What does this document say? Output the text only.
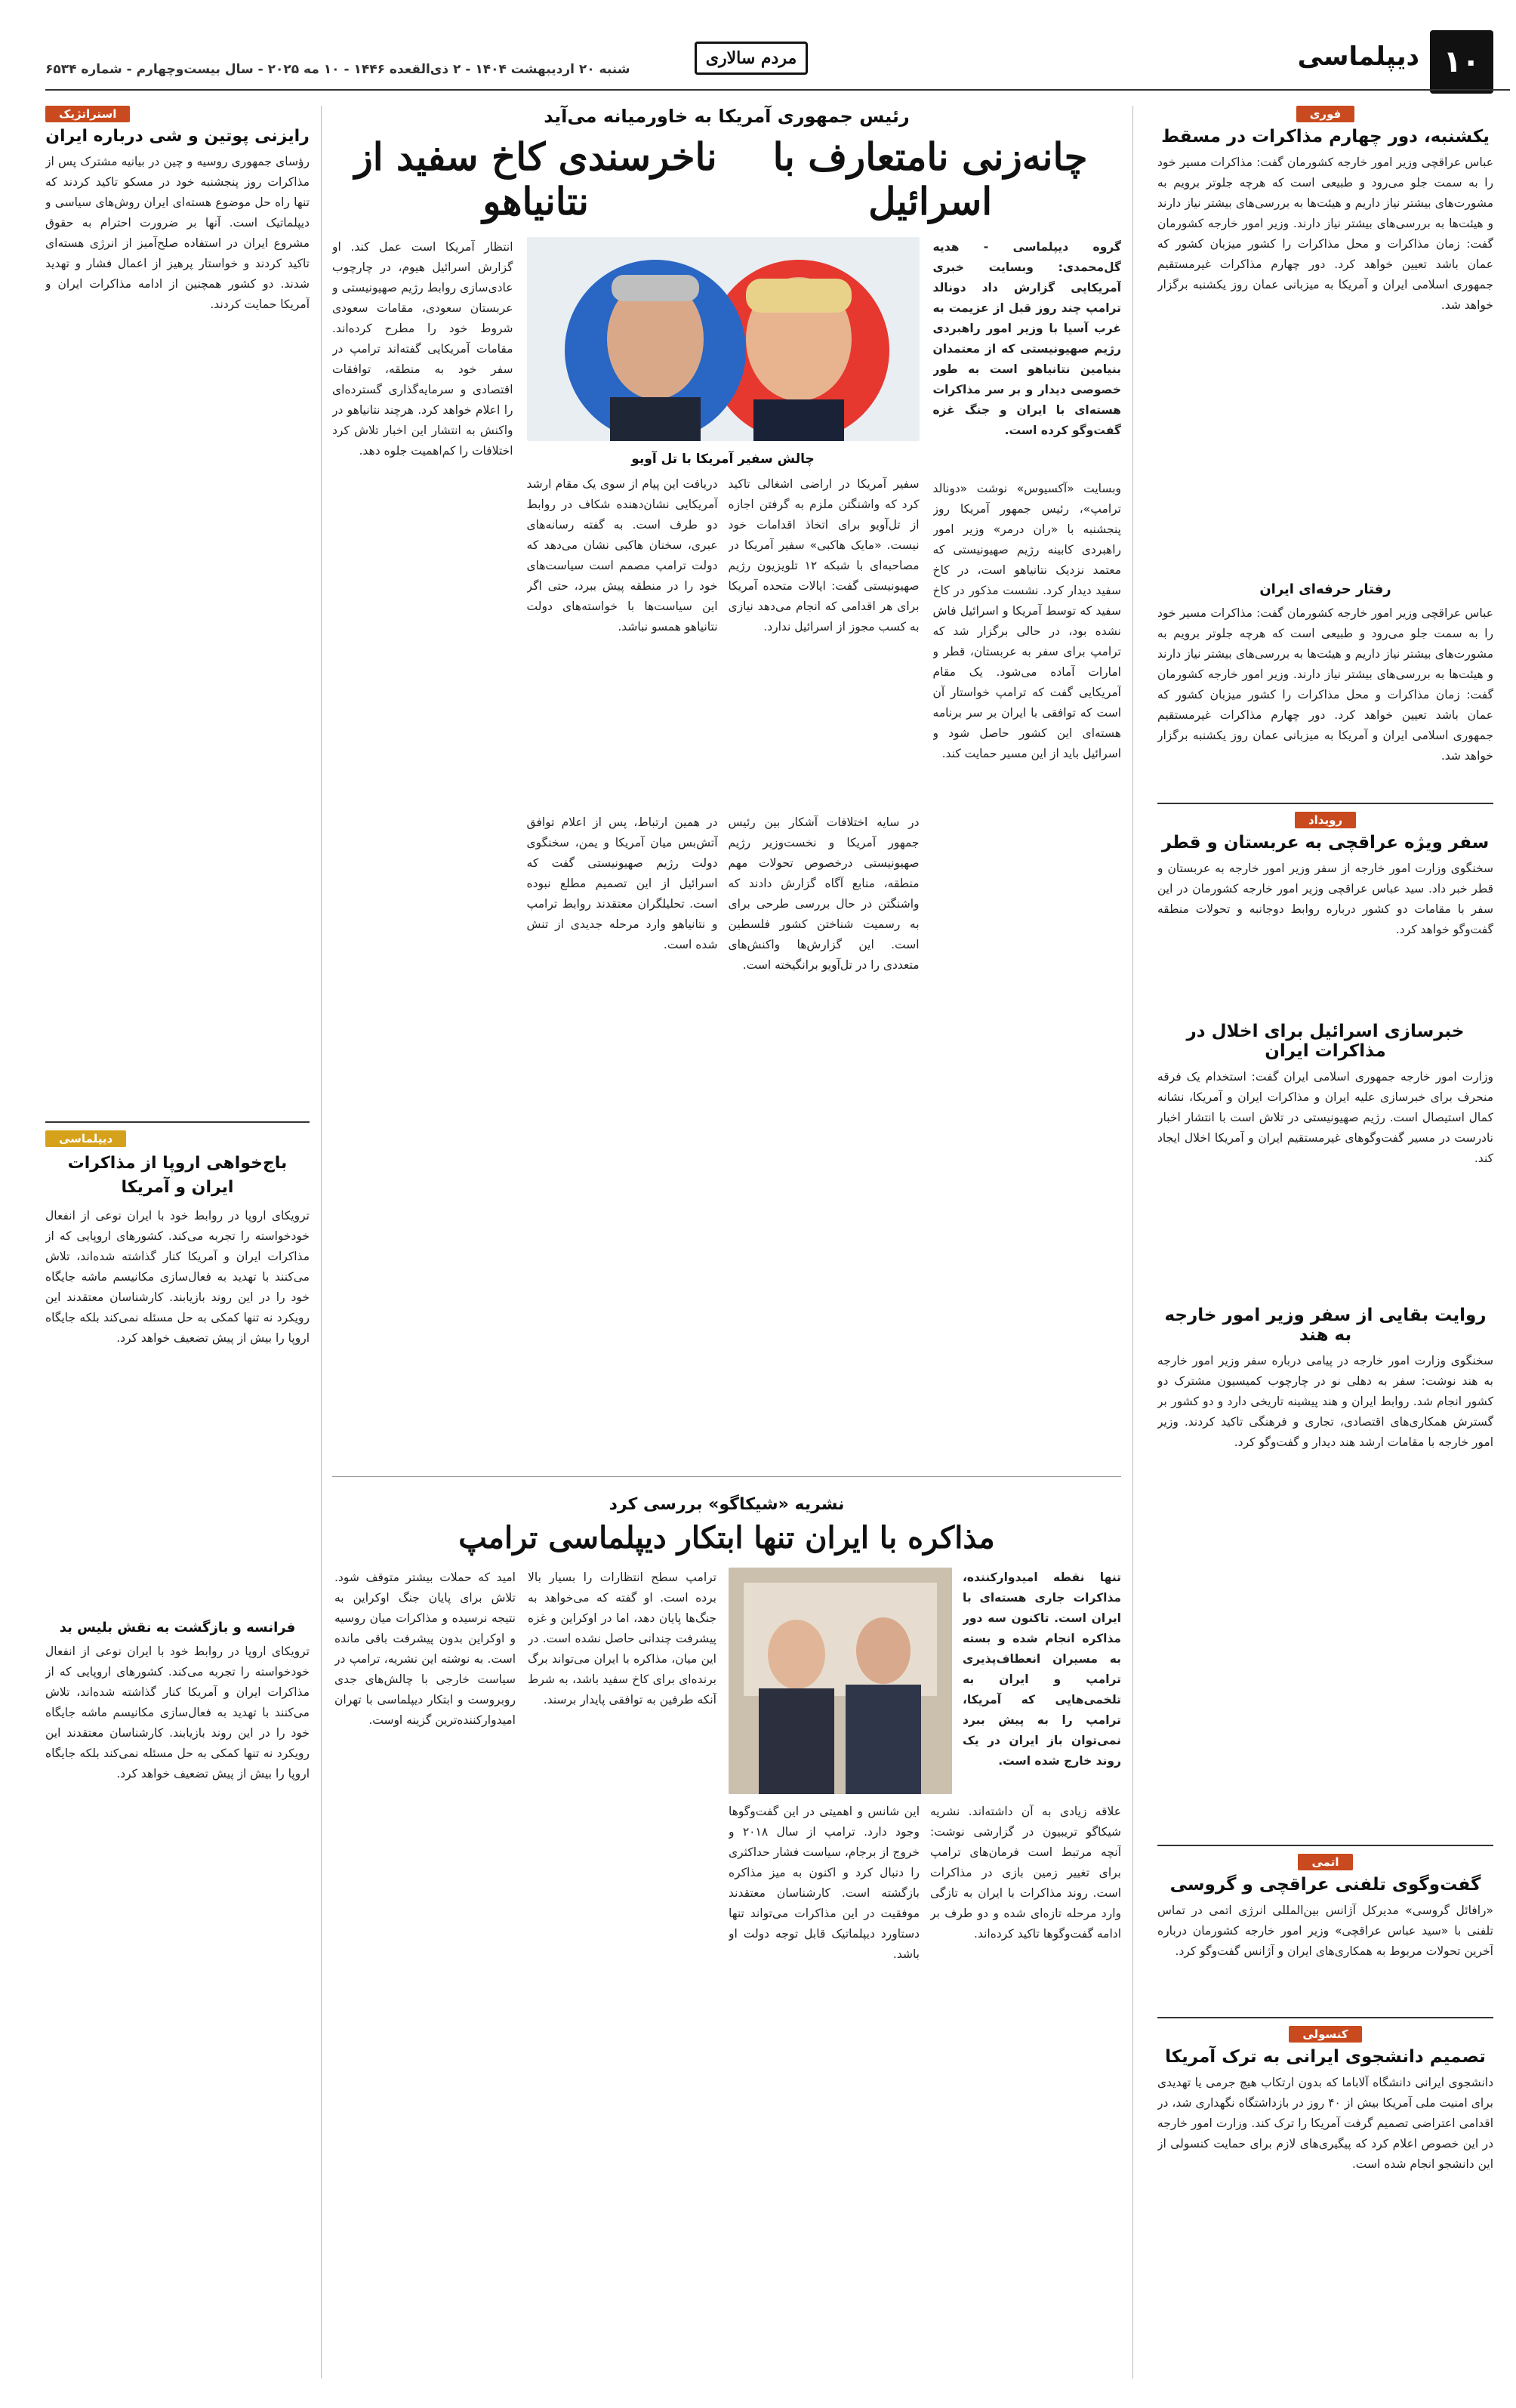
۱۰
دیپلماسی
مردم سالاری
شنبه ۲۰ اردیبهشت ۱۴۰۴ - ۲ ذی‌القعده ۱۴۴۶ - ۱۰ مه ۲۰۲۵ - سال بیست‌وچهارم - شماره ۶۵۳۴
فوری
یکشنبه، دور چهارم مذاکرات در مسقط
عباس عراقچی وزیر امور خارجه کشورمان گفت: مذاکرات مسیر خود را به سمت جلو می‌رود و طبیعی است که هرچه جلوتر برویم به مشورت‌های بیشتر نیاز داریم و هیئت‌ها به بررسی‌های بیشتر نیاز دارند و هیئت‌ها به بررسی‌های بیشتر نیاز دارند. وزیر امور خارجه کشورمان گفت: زمان مذاکرات و محل مذاکرات را کشور میزبان کشور که عمان باشد تعیین خواهد کرد. دور چهارم مذاکرات غیرمستقیم جمهوری اسلامی ایران و آمریکا به میزبانی عمان روز یکشنبه برگزار خواهد شد.
رفتار حرفه‌ای ایران
عباس عراقچی وزیر امور خارجه کشورمان گفت: مذاکرات مسیر خود را به سمت جلو می‌رود و طبیعی است که هرچه جلوتر برویم به مشورت‌های بیشتر نیاز داریم و هیئت‌ها به بررسی‌های بیشتر نیاز دارند و هیئت‌ها به بررسی‌های بیشتر نیاز دارند. وزیر امور خارجه کشورمان گفت: زمان مذاکرات و محل مذاکرات را کشور میزبان کشور که عمان باشد تعیین خواهد کرد. دور چهارم مذاکرات غیرمستقیم جمهوری اسلامی ایران و آمریکا به میزبانی عمان روز یکشنبه برگزار خواهد شد.
رویداد
سفر ویژه عراقچی به عربستان و قطر
سخنگوی وزارت امور خارجه از سفر وزیر امور خارجه به عربستان و قطر خبر داد. سید عباس عراقچی وزیر امور خارجه کشورمان در این سفر با مقامات دو کشور درباره روابط دوجانبه و تحولات منطقه گفت‌وگو خواهد کرد.
خبرسازی اسرائیل برای اخلال در مذاکرات ایران
وزارت امور خارجه جمهوری اسلامی ایران گفت: استخدام یک فرقه منحرف برای خبرسازی علیه ایران و مذاکرات ایران و آمریکا، نشانه کمال استیصال است. رژیم صهیونیستی در تلاش است با انتشار اخبار نادرست در مسیر گفت‌وگوهای غیرمستقیم ایران و آمریکا اخلال ایجاد کند.
روایت بقایی از سفر وزیر امور خارجه به هند
سخنگوی وزارت امور خارجه در پیامی درباره سفر وزیر امور خارجه به هند نوشت: سفر به دهلی نو در چارچوب کمیسیون مشترک دو کشور انجام شد. روابط ایران و هند پیشینه تاریخی دارد و دو کشور بر گسترش همکاری‌های اقتصادی، تجاری و فرهنگی تاکید کردند. وزیر امور خارجه با مقامات ارشد هند دیدار و گفت‌وگو کرد.
اتمی
گفت‌وگوی تلفنی عراقچی و گروسی
«رافائل گروسی» مدیرکل آژانس بین‌المللی انرژی اتمی در تماس تلفنی با «سید عباس عراقچی» وزیر امور خارجه کشورمان درباره آخرین تحولات مربوط به همکاری‌های ایران و آژانس گفت‌وگو کرد.
کنسولی
تصمیم دانشجوی ایرانی به ترک آمریکا
دانشجوی ایرانی دانشگاه آلاباما که بدون ارتکاب هیچ جرمی یا تهدیدی برای امنیت ملی آمریکا بیش از ۴۰ روز در بازداشتگاه نگهداری شد، در اقدامی اعتراضی تصمیم گرفت آمریکا را ترک کند. وزارت امور خارجه در این خصوص اعلام کرد که پیگیری‌های لازم برای حمایت کنسولی از این دانشجو انجام شده است.
رئیس جمهوری آمریکا به خاورمیانه می‌آید
چانه‌زنی نامتعارف با اسرائیل
ناخرسندی کاخ سفید از نتانیاهو
گروه دیپلماسی - هدیه گل‌محمدی: وبسایت خبری آمریکایی گزارش داد دونالد ترامپ چند روز قبل از عزیمت به غرب آسیا با وزیر امور راهبردی رژیم صهیونیستی که از معتمدان بنیامین نتانیاهو است به طور خصوصی دیدار و بر سر مذاکرات هسته‌ای با ایران و جنگ غزه گفت‌وگو کرده است.
وبسایت «آکسیوس» نوشت «دونالد ترامپ»، رئیس جمهور آمریکا روز پنجشنبه با «ران درمر» وزیر امور راهبردی کابینه رژیم صهیونیستی که معتمد نزدیک نتانیاهو است، در کاخ سفید دیدار کرد. نشست مذکور در کاخ سفید که توسط آمریکا و اسرائیل فاش نشده بود، در حالی برگزار شد که ترامپ برای سفر به عربستان، قطر و امارات آماده می‌شود. یک مقام آمریکایی گفت که ترامپ خواستار آن است که توافقی با ایران بر سر برنامه هسته‌ای این کشور حاصل شود و اسرائیل باید از این مسیر حمایت کند.
چالش سفیر آمریکا با تل آویو
سفیر آمریکا در اراضی اشغالی تاکید کرد که واشنگتن ملزم به گرفتن اجازه از تل‌آویو برای اتخاذ اقدامات خود نیست. «مایک هاکبی» سفیر آمریکا در مصاحبه‌ای با شبکه ۱۲ تلویزیون رژیم صهیونیستی گفت: ایالات متحده آمریکا برای هر اقدامی که انجام می‌دهد نیازی به کسب مجوز از اسرائیل ندارد.
دریافت این پیام از سوی یک مقام ارشد آمریکایی نشان‌دهنده شکاف در روابط دو طرف است. به گفته رسانه‌های عبری، سخنان هاکبی نشان می‌دهد که دولت ترامپ مصمم است سیاست‌های خود را در منطقه پیش ببرد، حتی اگر این سیاست‌ها با خواسته‌های دولت نتانیاهو همسو نباشد.
در سایه اختلافات آشکار بین رئیس جمهور آمریکا و نخست‌وزیر رژیم صهیونیستی درخصوص تحولات مهم منطقه، منابع آگاه گزارش دادند که واشنگتن در حال بررسی طرحی برای به رسمیت شناختن کشور فلسطین است. این گزارش‌ها واکنش‌های متعددی را در تل‌آویو برانگیخته است.
در همین ارتباط، پس از اعلام توافق آتش‌بس میان آمریکا و یمن، سخنگوی دولت رژیم صهیونیستی گفت که اسرائیل از این تصمیم مطلع نبوده است. تحلیلگران معتقدند روابط ترامپ و نتانیاهو وارد مرحله جدیدی از تنش شده است.
انتظار آمریکا است عمل کند. او گزارش اسرائیل هیوم، در چارچوب عادی‌سازی روابط رژیم صهیونیستی و عربستان سعودی، مقامات سعودی شروط خود را مطرح کرده‌اند. مقامات آمریکایی گفته‌اند ترامپ در سفر خود به منطقه، توافقات اقتصادی و سرمایه‌گذاری گسترده‌ای را اعلام خواهد کرد. هرچند نتانیاهو در واکنش به انتشار این اخبار تلاش کرد اختلافات را کم‌اهمیت جلوه دهد.
نشریه «شیکاگو» بررسی کرد
مذاکره با ایران تنها ابتکار دیپلماسی ترامپ
تنها نقطه امیدوارکننده، مذاکرات جاری هسته‌ای با ایران است. تاکنون سه دور مذاکره انجام شده و بسته به مسیران انعطاف‌پذیری ترامپ و ایران به تلخمی‌هایی که آمریکا، ترامپ را به پیش ببرد نمی‌توان باز ایران در یک روند خارج شده است.
علاقه زیادی به آن داشته‌اند. نشریه شیکاگو تریبیون در گزارشی نوشت: آنچه مرتبط است فرمان‌های ترامپ برای تغییر زمین بازی در مذاکرات است. روند مذاکرات با ایران به تازگی وارد مرحله تازه‌ای شده و دو طرف بر ادامه گفت‌وگوها تاکید کرده‌اند.
این شانس و اهمیتی در این گفت‌وگوها وجود دارد. ترامپ از سال ۲۰۱۸ و خروج از برجام، سیاست فشار حداکثری را دنبال کرد و اکنون به میز مذاکره بازگشته است. کارشناسان معتقدند موفقیت در این مذاکرات می‌تواند تنها دستاورد دیپلماتیک قابل توجه دولت او باشد.
ترامپ سطح انتظارات را بسیار بالا برده است. او گفته که می‌خواهد به جنگ‌ها پایان دهد، اما در اوکراین و غزه پیشرفت چندانی حاصل نشده است. در این میان، مذاکره با ایران می‌تواند برگ برنده‌ای برای کاخ سفید باشد، به شرط آنکه طرفین به توافقی پایدار برسند.
امید که حملات بیشتر متوقف شود. تلاش برای پایان جنگ اوکراین به نتیجه نرسیده و مذاکرات میان روسیه و اوکراین بدون پیشرفت باقی مانده است. به نوشته این نشریه، ترامپ در سیاست خارجی با چالش‌های جدی روبروست و ابتکار دیپلماسی با تهران امیدوارکننده‌ترین گزینه اوست.
استراتژیک
رایزنی پوتین و شی درباره ایران
رؤسای جمهوری روسیه و چین در بیانیه مشترک پس از مذاکرات روز پنجشنبه خود در مسکو تاکید کردند که تنها راه حل موضوع هسته‌ای ایران روش‌های سیاسی و دیپلماتیک است. آنها بر ضرورت احترام به حقوق مشروع ایران در استفاده صلح‌آمیز از انرژی هسته‌ای تاکید کردند و خواستار پرهیز از اعمال فشار و تهدید شدند. دو کشور همچنین از ادامه مذاکرات ایران و آمریکا حمایت کردند.
دیپلماسی
باج‌خواهی اروپا از مذاکرات ایران و آمریکا
ترویکای اروپا در روابط خود با ایران نوعی از انفعال خودخواسته را تجربه می‌کند. کشورهای اروپایی که از مذاکرات ایران و آمریکا کنار گذاشته شده‌اند، تلاش می‌کنند با تهدید به فعال‌سازی مکانیسم ماشه جایگاه خود را در این روند بازیابند. کارشناسان معتقدند این رویکرد نه تنها کمکی به حل مسئله نمی‌کند بلکه جایگاه اروپا را بیش از پیش تضعیف خواهد کرد.
فرانسه و بازگشت به نقش بلیس بد
ترویکای اروپا در روابط خود با ایران نوعی از انفعال خودخواسته را تجربه می‌کند. کشورهای اروپایی که از مذاکرات ایران و آمریکا کنار گذاشته شده‌اند، تلاش می‌کنند با تهدید به فعال‌سازی مکانیسم ماشه جایگاه خود را در این روند بازیابند. کارشناسان معتقدند این رویکرد نه تنها کمکی به حل مسئله نمی‌کند بلکه جایگاه اروپا را بیش از پیش تضعیف خواهد کرد.
